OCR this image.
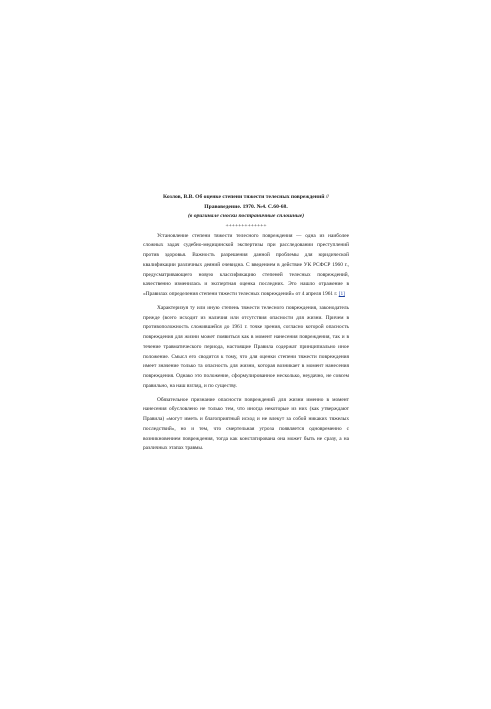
Козлов, В.В. Об оценке степени тяжести телесных повреждений //
Правоведение. 1970. №4. С.60-68.
(в оригинале сноски постраничные сплошные)
+++++++++++++

Установление степени тяжести телесного повреждения — одна из наиболее сложных задач судебно-медицинской экспертизы при расследовании преступлений против здоровья. Важность разрешения данной проблемы для юридической квалификации различных деяний очевидна. С введением в действие УК РСФСР 1960 г., предусматривающего новую классификацию степеней телесных повреждений, качественно изменилась и экспертная оценка последних. Это нашло отражение в «Правилах определения степени тяжести телесных повреждений» от 4 апреля 1961 г. [1]

Характеризуя ту или иную степень тяжести телесного повреждения, законодатель прежде (всего исходит из наличия или отсутствия опасности для жизни. Причем в противоположность сложившейся до 1961 г. точке зрения, согласно которой опасность повреждения для жизни может появиться как в момент нанесения повреждения, так и в течение травматического периода, настоящие Правила содержат принципиально иное положение. Смысл его сводится к тому, что для оценки степени тяжести повреждения имеет значение только та опасность для жизни, которая возникает в момент нанесения повреждения. Однако это положение, сформулированное несколько, неудачно, не совсем правильно, на наш взгляд, и по существу.

Обязательное признание опасности повреждений для жизни именно в момент нанесения обусловлено не только тем, что иногда некоторые из них (как утверждают Правила) «могут иметь и благоприятный исход и не влекут за собой никаких тяжелых последствий», но и тем, что смертельная угроза появляется одновременно с возникновением повреждения, тогда как констатирована она может быть не сразу, а на различных этапах травмы.
